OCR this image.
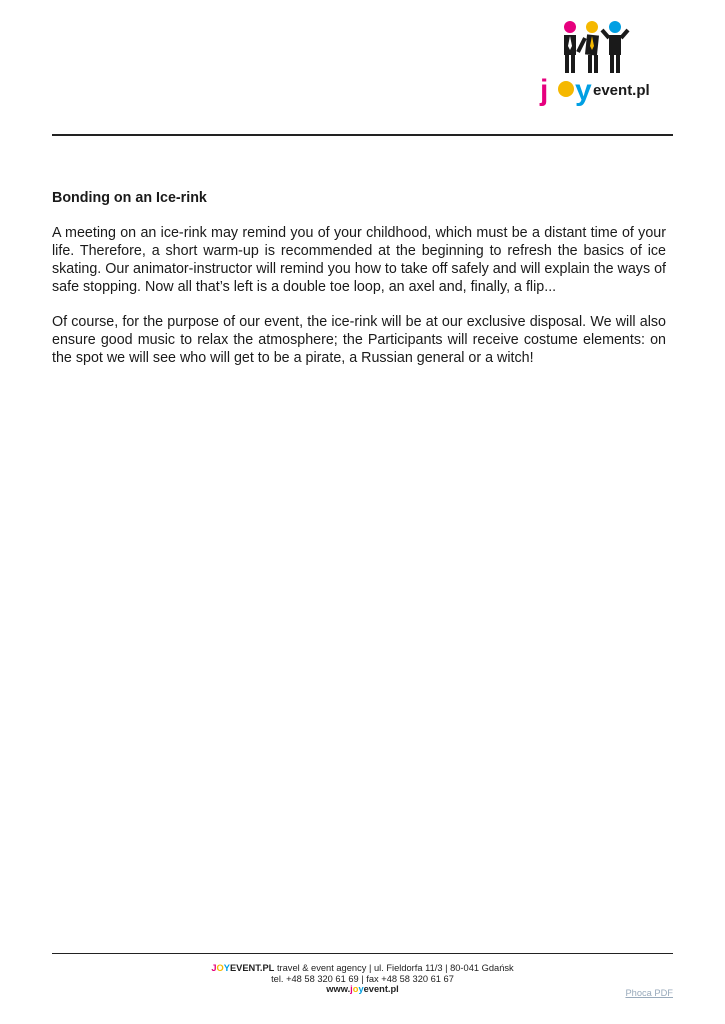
j y event.pl
Bonding on an Ice-rink

A meeting on an ice-rink may remind you of your childhood, which must be a distant time of your life. Therefore, a short warm-up is recommended at the beginning to refresh the basics of ice skating. Our animator-instructor will remind you how to take off safely and will explain the ways of safe stopping. Now all that’s left is a double toe loop, an axel and, finally, a flip...

Of course, for the purpose of our event, the ice-rink will be at our exclusive disposal. We will also ensure good music to relax the atmosphere; the Participants will receive costume elements: on the spot we will see who will get to be a pirate, a Russian general or a witch!

JOYEVENT.PL travel & event agency | ul. Fieldorfa 11/3 | 80-041 Gdańsk
tel. +48 58 320 61 69 | fax +48 58 320 61 67
www.joyevent.pl	Phoca PDF
